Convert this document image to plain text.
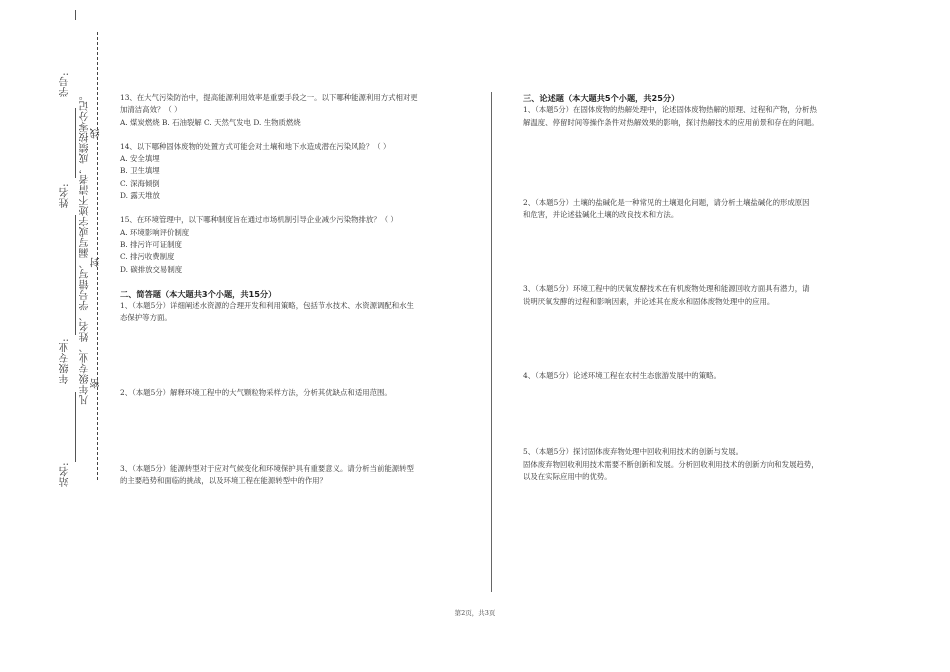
学号:
姓名:
年级专业:
站名:
凡年级专业、姓名、学号错写、漏写或字迹不清者，成绩按零分记。 线
封
密

13、在大气污染防治中，提高能源利用效率是重要手段之一。以下哪种能源利用方式相对更

加清洁高效？（ ）

A. 煤炭燃烧 B. 石油裂解 C. 天然气发电 D. 生物质燃烧

14、以下哪种固体废物的处置方式可能会对土壤和地下水造成潜在污染风险？（ ）

A. 安全填埋

B. 卫生填埋

C. 深海倾倒

D. 露天堆放

15、在环境管理中，以下哪种制度旨在通过市场机制引导企业减少污染物排放？（ ）

A. 环境影响评价制度

B. 排污许可证制度

C. 排污收费制度

D. 碳排放交易制度

二、简答题（本大题共3个小题，共15分）

1、（本题5分）详细阐述水资源的合理开发和利用策略，包括节水技术、水资源调配和水生

态保护等方面。

2、（本题5分）解释环境工程中的大气颗粒物采样方法，分析其优缺点和适用范围。

3、（本题5分）能源转型对于应对气候变化和环境保护具有重要意义。请分析当前能源转型

的主要趋势和面临的挑战，以及环境工程在能源转型中的作用？

三、论述题（本大题共5个小题，共25分）

1、（本题5分）在固体废物的热解处理中，论述固体废物热解的原理、过程和产物，分析热

解温度、停留时间等操作条件对热解效果的影响，探讨热解技术的应用前景和存在的问题。

2、（本题5分）土壤的盐碱化是一种常见的土壤退化问题，请分析土壤盐碱化的形成原因

和危害，并论述盐碱化土壤的改良技术和方法。

3、（本题5分）环境工程中的厌氧发酵技术在有机废物处理和能源回收方面具有潜力，请

说明厌氧发酵的过程和影响因素，并论述其在废水和固体废物处理中的应用。

4、（本题5分）论述环境工程在农村生态旅游发展中的策略。

5、（本题5分）探讨固体废弃物处理中回收利用技术的创新与发展。

固体废弃物回收利用技术需要不断创新和发展。分析回收利用技术的创新方向和发展趋势，

以及在实际应用中的优势。

第2页，共3页
